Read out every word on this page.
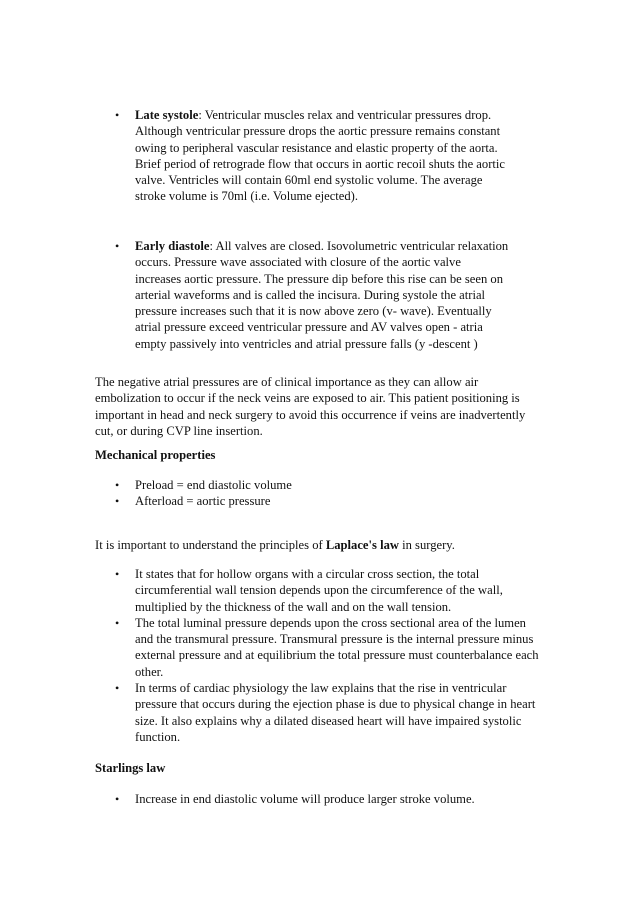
• Late systole: Ventricular muscles relax and ventricular pressures drop. Although ventricular pressure drops the aortic pressure remains constant owing to peripheral vascular resistance and elastic property of the aorta. Brief period of retrograde flow that occurs in aortic recoil shuts the aortic valve. Ventricles will contain 60ml end systolic volume. The average stroke volume is 70ml (i.e. Volume ejected).
• Early diastole: All valves are closed. Isovolumetric ventricular relaxation occurs. Pressure wave associated with closure of the aortic valve increases aortic pressure. The pressure dip before this rise can be seen on arterial waveforms and is called the incisura. During systole the atrial pressure increases such that it is now above zero (v- wave). Eventually atrial pressure exceed ventricular pressure and AV valves open - atria empty passively into ventricles and atrial pressure falls (y -descent )

The negative atrial pressures are of clinical importance as they can allow air embolization to occur if the neck veins are exposed to air. This patient positioning is important in head and neck surgery to avoid this occurrence if veins are inadvertently cut, or during CVP line insertion.

Mechanical properties

• Preload = end diastolic volume
• Afterload = aortic pressure

It is important to understand the principles of Laplace's law in surgery.

• It states that for hollow organs with a circular cross section, the total circumferential wall tension depends upon the circumference of the wall, multiplied by the thickness of the wall and on the wall tension.
• The total luminal pressure depends upon the cross sectional area of the lumen and the transmural pressure. Transmural pressure is the internal pressure minus external pressure and at equilibrium the total pressure must counterbalance each other.
• In terms of cardiac physiology the law explains that the rise in ventricular pressure that occurs during the ejection phase is due to physical change in heart size. It also explains why a dilated diseased heart will have impaired systolic function.

Starlings law

• Increase in end diastolic volume will produce larger stroke volume.
